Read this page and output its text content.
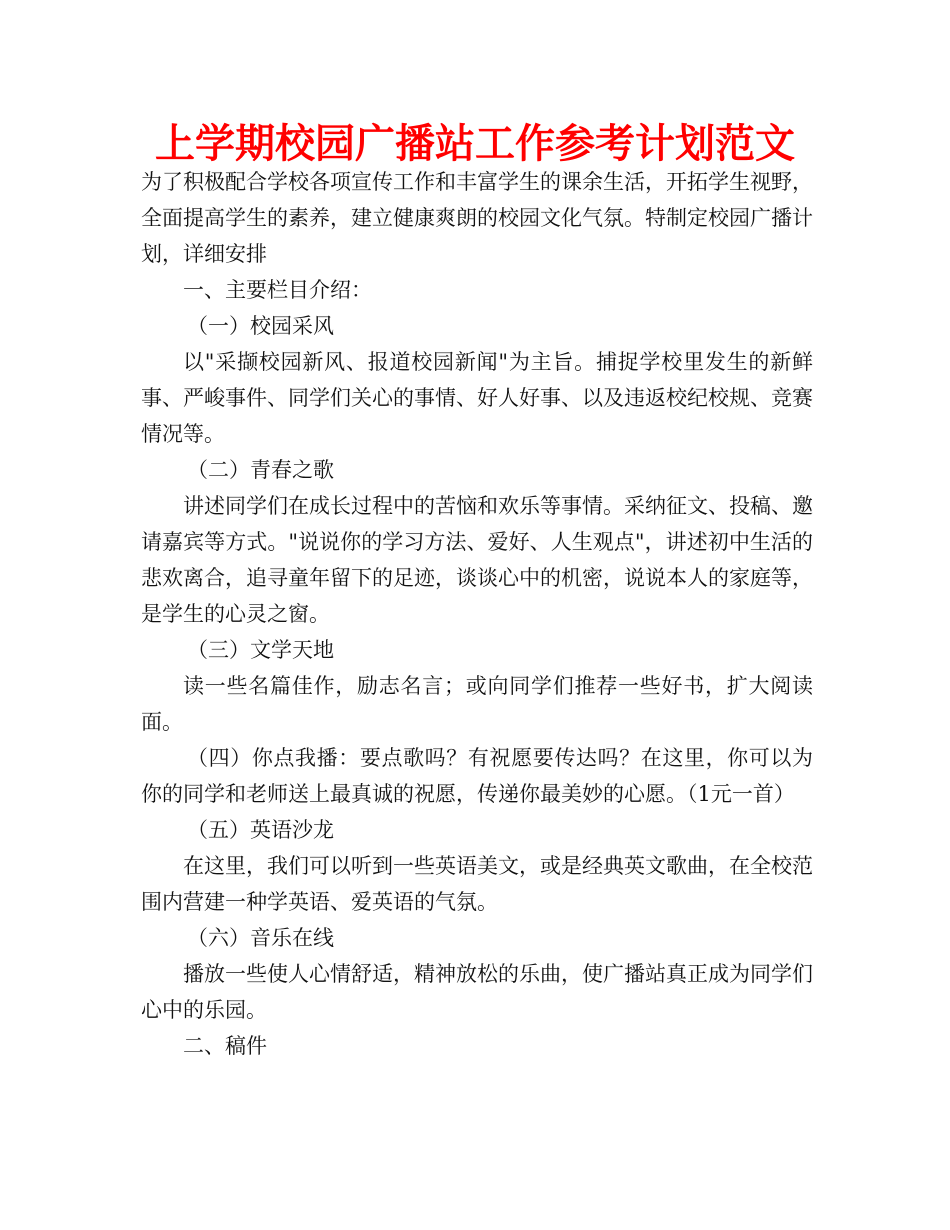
上学期校园广播站工作参考计划范文

为了积极配合学校各项宣传工作和丰富学生的课余生活，开拓学生视野，全面提高学生的素养，建立健康爽朗的校园文化气氛。特制定校园广播计划，详细安排

一、主要栏目介绍：

（一）校园采风

以"采撷校园新风、报道校园新闻"为主旨。捕捉学校里发生的新鲜事、严峻事件、同学们关心的事情、好人好事、以及违返校纪校规、竞赛情况等。

（二）青春之歌

讲述同学们在成长过程中的苦恼和欢乐等事情。采纳征文、投稿、邀请嘉宾等方式。"说说你的学习方法、爱好、人生观点"，讲述初中生活的悲欢离合，追寻童年留下的足迹，谈谈心中的机密，说说本人的家庭等，是学生的心灵之窗。

（三）文学天地

读一些名篇佳作，励志名言；或向同学们推荐一些好书，扩大阅读面。

（四）你点我播：要点歌吗？有祝愿要传达吗？在这里，你可以为你的同学和老师送上最真诚的祝愿，传递你最美妙的心愿。（1元一首）

（五）英语沙龙

在这里，我们可以听到一些英语美文，或是经典英文歌曲，在全校范围内营建一种学英语、爱英语的气氛。

（六）音乐在线

播放一些使人心情舒适，精神放松的乐曲，使广播站真正成为同学们心中的乐园。

二、稿件
